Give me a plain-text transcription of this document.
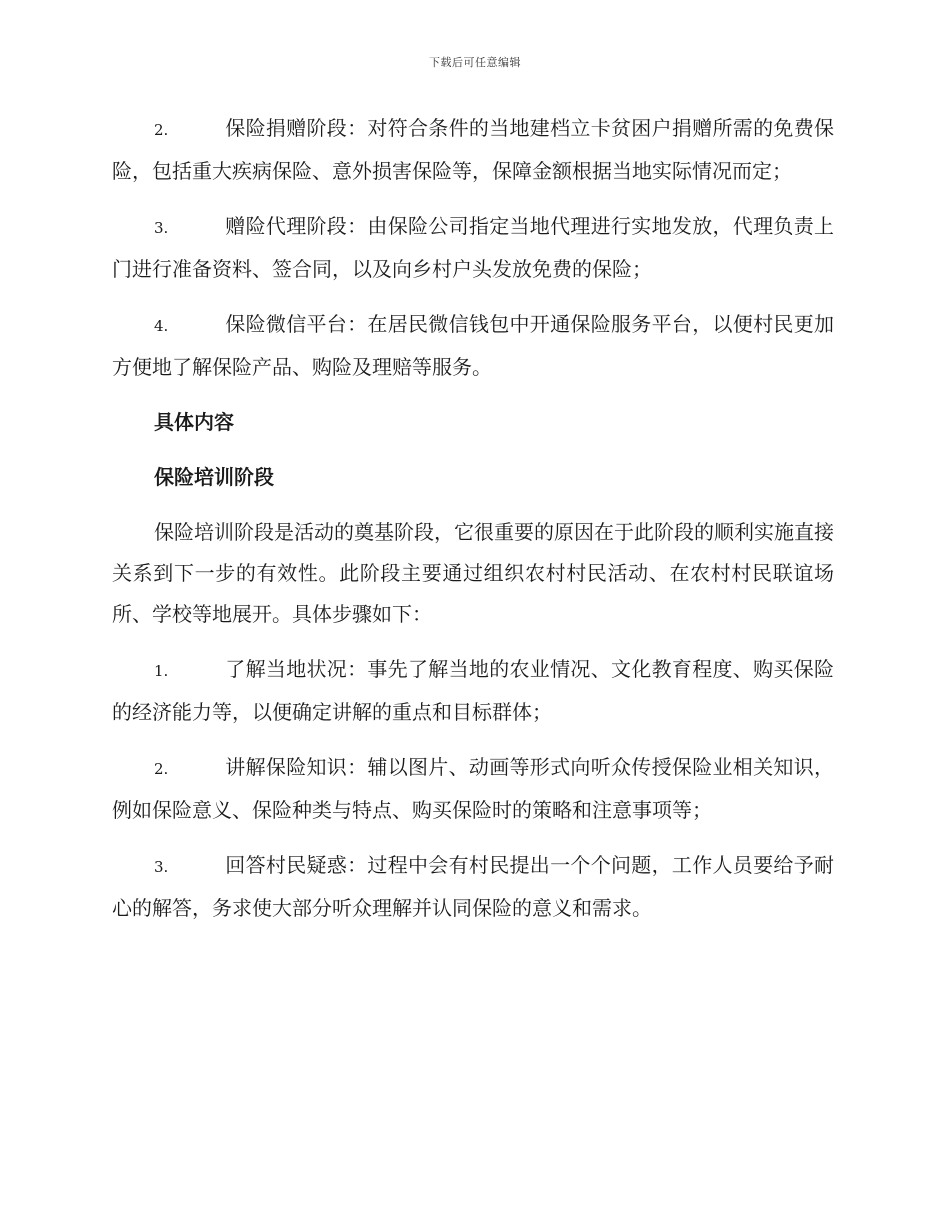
下载后可任意编辑
2.	保险捐赠阶段：对符合条件的当地建档立卡贫困户捐赠所需的免费保险，包括重大疾病保险、意外损害保险等，保障金额根据当地实际情况而定；
3.	赠险代理阶段：由保险公司指定当地代理进行实地发放，代理负责上门进行准备资料、签合同，以及向乡村户头发放免费的保险；
4.	保险微信平台：在居民微信钱包中开通保险服务平台，以便村民更加方便地了解保险产品、购险及理赔等服务。
具体内容
保险培训阶段
保险培训阶段是活动的奠基阶段，它很重要的原因在于此阶段的顺利实施直接关系到下一步的有效性。此阶段主要通过组织农村村民活动、在农村村民联谊场所、学校等地展开。具体步骤如下：
1.	了解当地状况：事先了解当地的农业情况、文化教育程度、购买保险的经济能力等，以便确定讲解的重点和目标群体；
2.	讲解保险知识：辅以图片、动画等形式向听众传授保险业相关知识，例如保险意义、保险种类与特点、购买保险时的策略和注意事项等；
3.	回答村民疑惑：过程中会有村民提出一个个问题，工作人员要给予耐心的解答，务求使大部分听众理解并认同保险的意义和需求。
